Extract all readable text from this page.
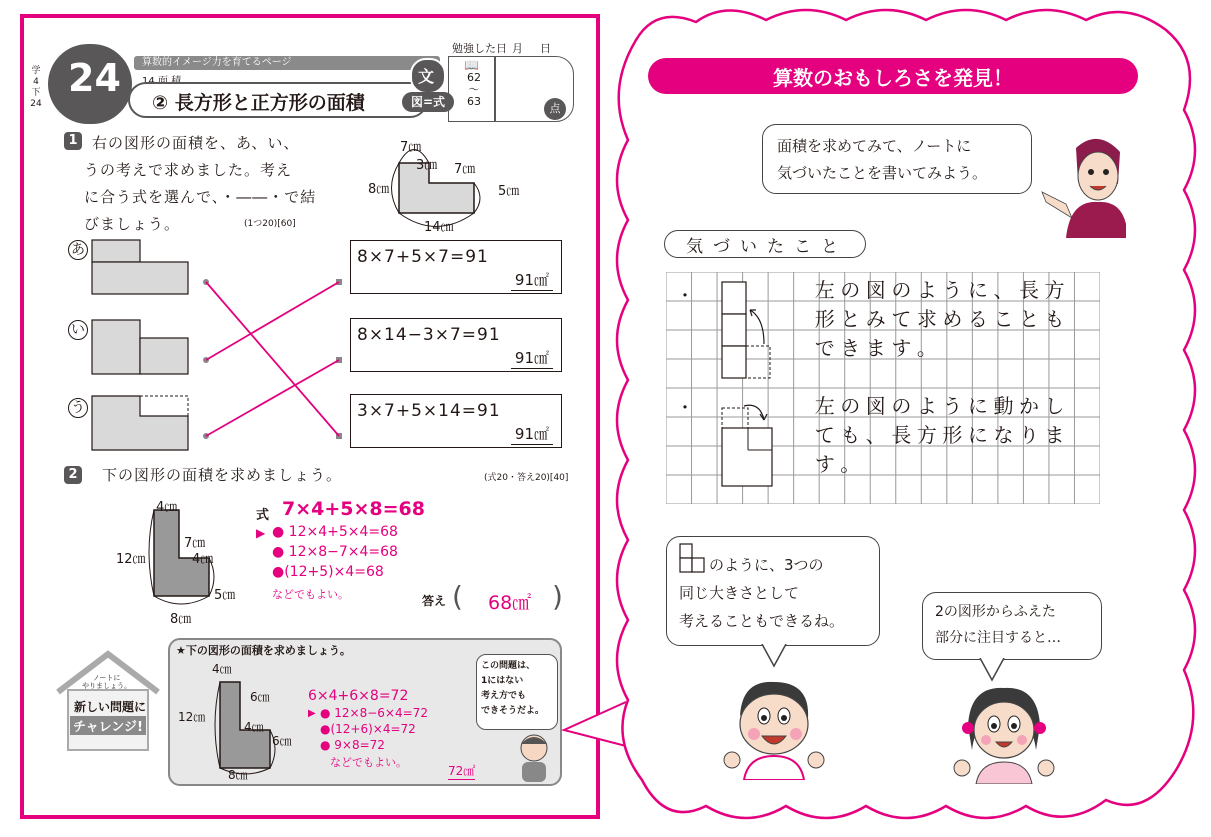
学
4
下
24
24	算数的イメージ力を育てるページ
② 長方形と正方形の面積
文
図=式
勉強した日 月 日
📖
62
〜
63
点
1 右の図形の面積を、あ、い、
うの考えで求めました。考え
に合う式を選んで、・――・で結
びましょう。	(1つ20)[60]
7㎝
3㎝ 7㎝
8㎝	5㎝
14㎝
あ
い
う
8×7+5×7=91
91㎠
8×14−3×7=91
91㎠
3×7+5×14=91
91㎠
2 下の図形の面積を求めましょう。	(式20・答え20)[40]
4㎝
7㎝
4㎝
12㎝
5㎝
8㎝
式 7×4+5×8=68
▶ ● 12×4+5×4=68
● 12×8−7×4=68
●(12+5)×4=68
などでもよい。	答え ( 68㎠ )
ノートに
やりましょう。
新しい問題に
チャレンジ!
★下の図形の面積を求めましょう。
4㎝
6㎝
4㎝
12㎝
6㎝
8㎝
6×4+6×8=72
▶ ● 12×8−6×4=72
●(12+6)×4=72
● 9×8=72
などでもよい。
72㎠
この問題は、
1にはない
考え方でも
できそうだよ。
算数のおもしろさを発見！
面積を求めてみて、ノートに
気づいたことを書いてみよう。
気づいたこと
・
・
左 の 図 の よ う に 、 長 方
形 と み て 求 め る こ と も
で き ま す 。
左 の 図 の よ う に 動 か し
て も 、 長 方 形 に な り ま
す 。
のように、3つの
同じ大きさとして
考えることもできるね。	2の図形からふえた
部分に注目すると…
